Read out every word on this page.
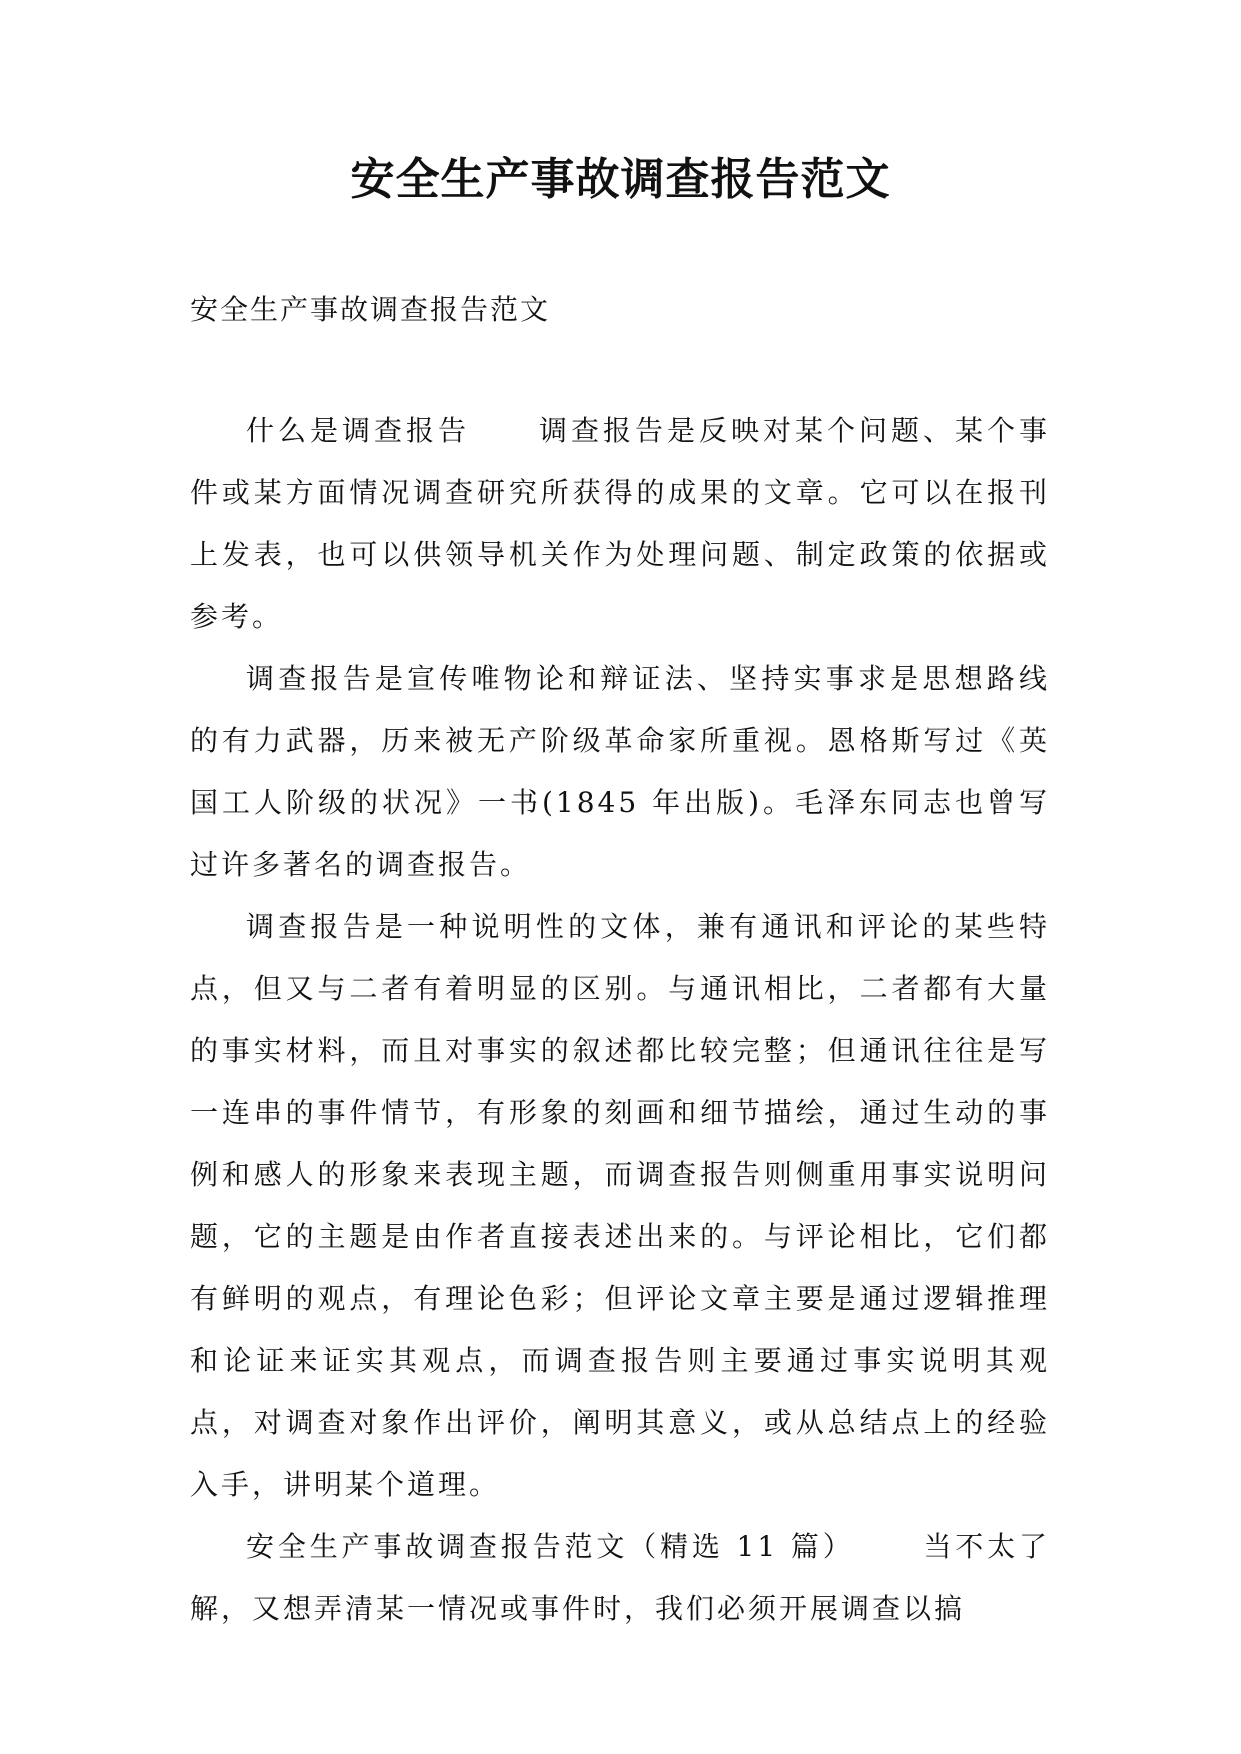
安全生产事故调查报告范文

安全生产事故调查报告范文

什么是调查报告 调查报告是反映对某个问题、某个事件或某方面情况调查研究所获得的成果的文章。它可以在报刊上发表，也可以供领导机关作为处理问题、制定政策的依据或参考。

调查报告是宣传唯物论和辩证法、坚持实事求是思想路线的有力武器，历来被无产阶级革命家所重视。恩格斯写过《英国工人阶级的状况》一书(1845 年出版)。毛泽东同志也曾写过许多著名的调查报告。

调查报告是一种说明性的文体，兼有通讯和评论的某些特点，但又与二者有着明显的区别。与通讯相比，二者都有大量的事实材料，而且对事实的叙述都比较完整；但通讯往往是写一连串的事件情节，有形象的刻画和细节描绘，通过生动的事例和感人的形象来表现主题，而调查报告则侧重用事实说明问题，它的主题是由作者直接表述出来的。与评论相比，它们都有鲜明的观点，有理论色彩；但评论文章主要是通过逻辑推理和论证来证实其观点，而调查报告则主要通过事实说明其观点，对调查对象作出评价，阐明其意义，或从总结点上的经验入手，讲明某个道理。

安全生产事故调查报告范文（精选 11 篇） 当不太了解，又想弄清某一情况或事件时，我们必须开展调查以搞
